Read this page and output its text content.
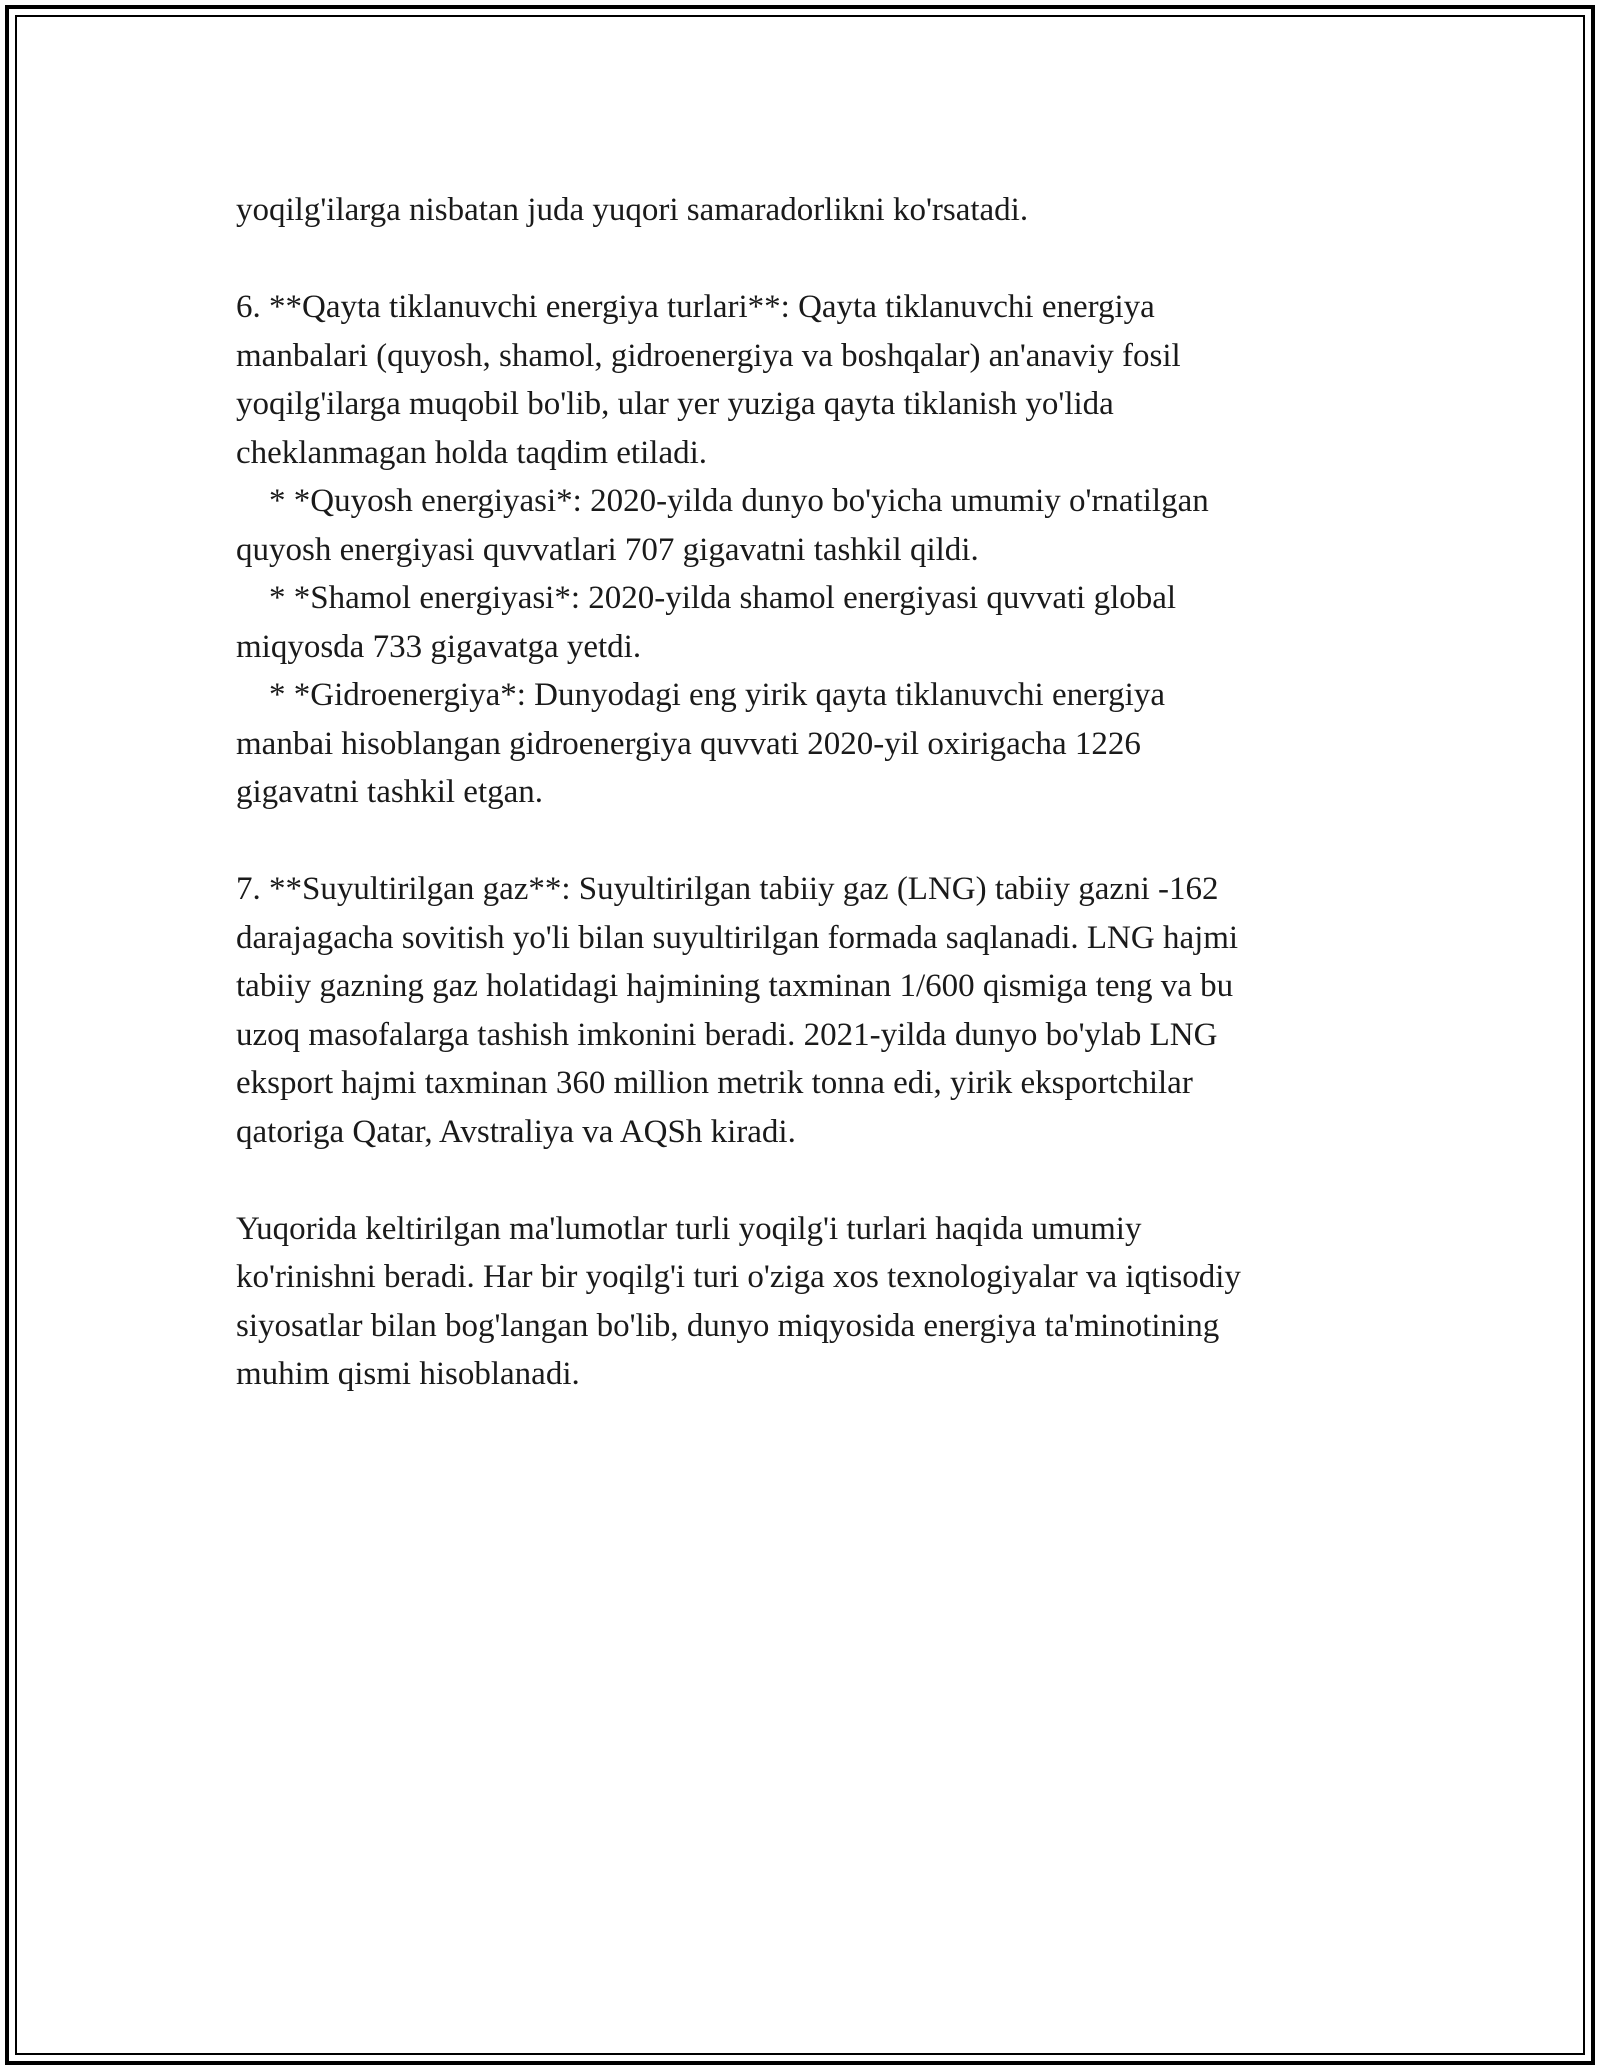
yoqilg'ilarga nisbatan juda yuqori samaradorlikni ko'rsatadi.

6. **Qayta tiklanuvchi energiya turlari**: Qayta tiklanuvchi energiya
manbalari (quyosh, shamol, gidroenergiya va boshqalar) an'anaviy fosil
yoqilg'ilarga muqobil bo'lib, ular yer yuziga qayta tiklanish yo'lida
cheklanmagan holda taqdim etiladi.
* *Quyosh energiyasi*: 2020-yilda dunyo bo'yicha umumiy o'rnatilgan
quyosh energiyasi quvvatlari 707 gigavatni tashkil qildi.
* *Shamol energiyasi*: 2020-yilda shamol energiyasi quvvati global
miqyosda 733 gigavatga yetdi.
* *Gidroenergiya*: Dunyodagi eng yirik qayta tiklanuvchi energiya
manbai hisoblangan gidroenergiya quvvati 2020-yil oxirigacha 1226
gigavatni tashkil etgan.

7. **Suyultirilgan gaz**: Suyultirilgan tabiiy gaz (LNG) tabiiy gazni -162
darajagacha sovitish yo'li bilan suyultirilgan formada saqlanadi. LNG hajmi
tabiiy gazning gaz holatidagi hajmining taxminan 1/600 qismiga teng va bu
uzoq masofalarga tashish imkonini beradi. 2021-yilda dunyo bo'ylab LNG
eksport hajmi taxminan 360 million metrik tonna edi, yirik eksportchilar
qatoriga Qatar, Avstraliya va AQSh kiradi.

Yuqorida keltirilgan ma'lumotlar turli yoqilg'i turlari haqida umumiy
ko'rinishni beradi. Har bir yoqilg'i turi o'ziga xos texnologiyalar va iqtisodiy
siyosatlar bilan bog'langan bo'lib, dunyo miqyosida energiya ta'minotining
muhim qismi hisoblanadi.
